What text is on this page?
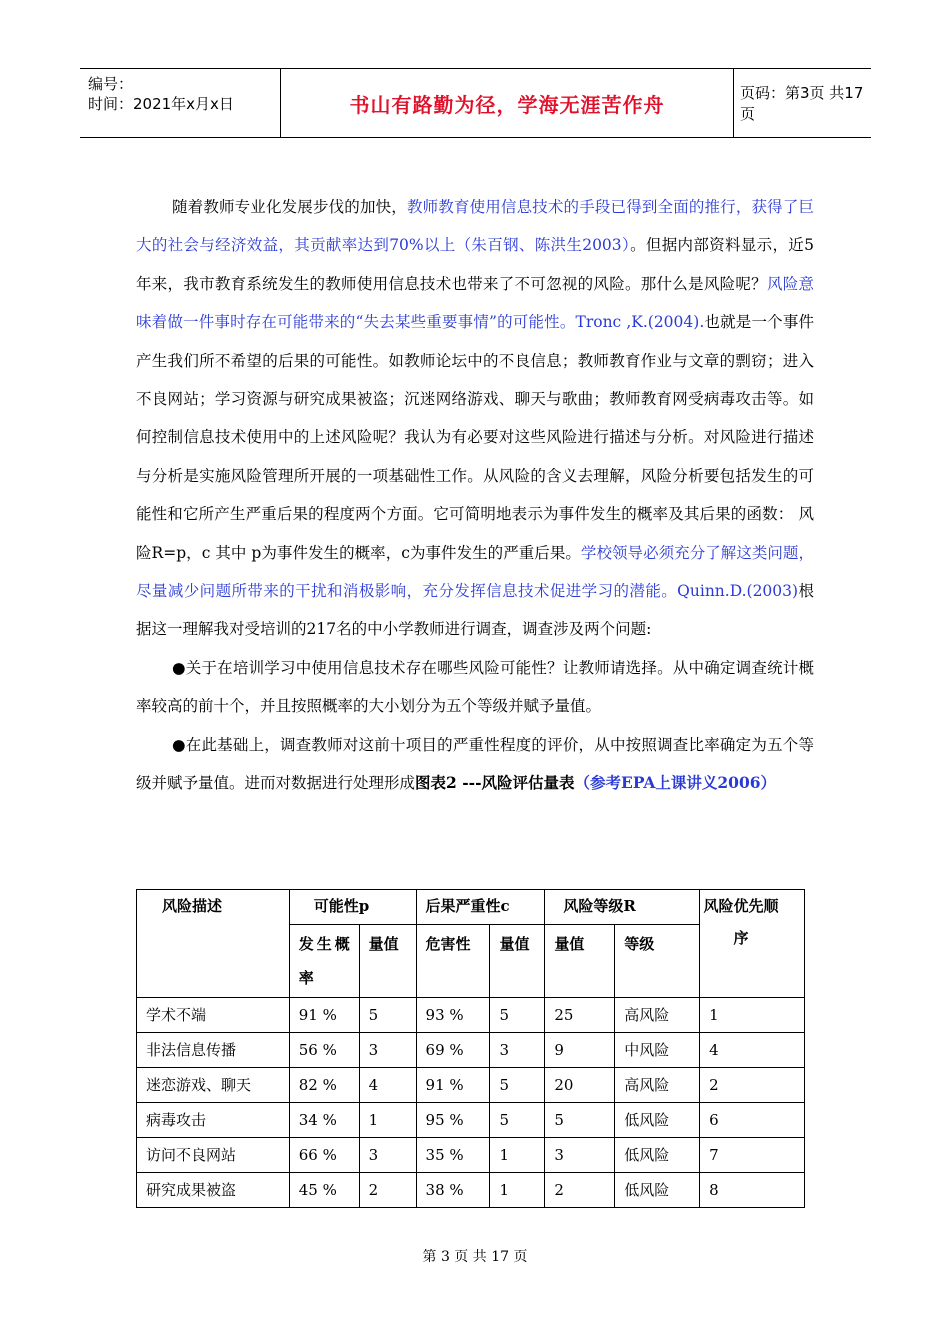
编号：
时间：2021年x月x日	书山有路勤为径，学海无涯苦作舟	页码：第3页 共17页

随着教师专业化发展步伐的加快，教师教育使用信息技术的手段已得到全面的推行，获得了巨大的社会与经济效益，其贡献率达到70%以上（朱百钢、陈洪生2003）。但据内部资料显示，近5年来，我市教育系统发生的教师使用信息技术也带来了不可忽视的风险。那什么是风险呢？风险意味着做一件事时存在可能带来的“失去某些重要事情”的可能性。Tronc ,K.(2004).也就是一个事件产生我们所不希望的后果的可能性。如教师论坛中的不良信息；教师教育作业与文章的剽窃；进入不良网站；学习资源与研究成果被盗；沉迷网络游戏、聊天与歌曲；教师教育网受病毒攻击等。如何控制信息技术使用中的上述风险呢？我认为有必要对这些风险进行描述与分析。对风险进行描述与分析是实施风险管理所开展的一项基础性工作。从风险的含义去理解，风险分析要包括发生的可能性和它所产生严重后果的程度两个方面。它可简明地表示为事件发生的概率及其后果的函数： 风险R=p，c 其中 p为事件发生的概率，c为事件发生的严重后果。学校领导必须充分了解这类问题，尽量减少问题所带来的干扰和消极影响，充分发挥信息技术促进学习的潜能。Quinn.D.(2003)根据这一理解我对受培训的217名的中小学教师进行调查，调查涉及两个问题:

●关于在培训学习中使用信息技术存在哪些风险可能性？让教师请选择。从中确定调查统计概率较高的前十个，并且按照概率的大小划分为五个等级并赋予量值。

●在此基础上，调查教师对这前十项目的严重性程度的评价，从中按照调查比率确定为五个等级并赋予量值。进而对数据进行处理形成图表2 ---风险评估量表（参考EPA上课讲义2006）

风险描述	可能性p		后果严重性c		风险等级R		风险优先顺序
	发生概率	量值	危害性	量值	量值	等级	
学术不端	91 %	5	93 %	5	25	高风险	1
非法信息传播	56 %	3	69 %	3	9	中风险	4
迷恋游戏、聊天	82 %	4	91 %	5	20	高风险	2
病毒攻击	34 %	1	95 %	5	5	低风险	6
访问不良网站	66 %	3	35 %	1	3	低风险	7
研究成果被盗	45 %	2	38 %	1	2	低风险	8
第 3 页 共 17 页
